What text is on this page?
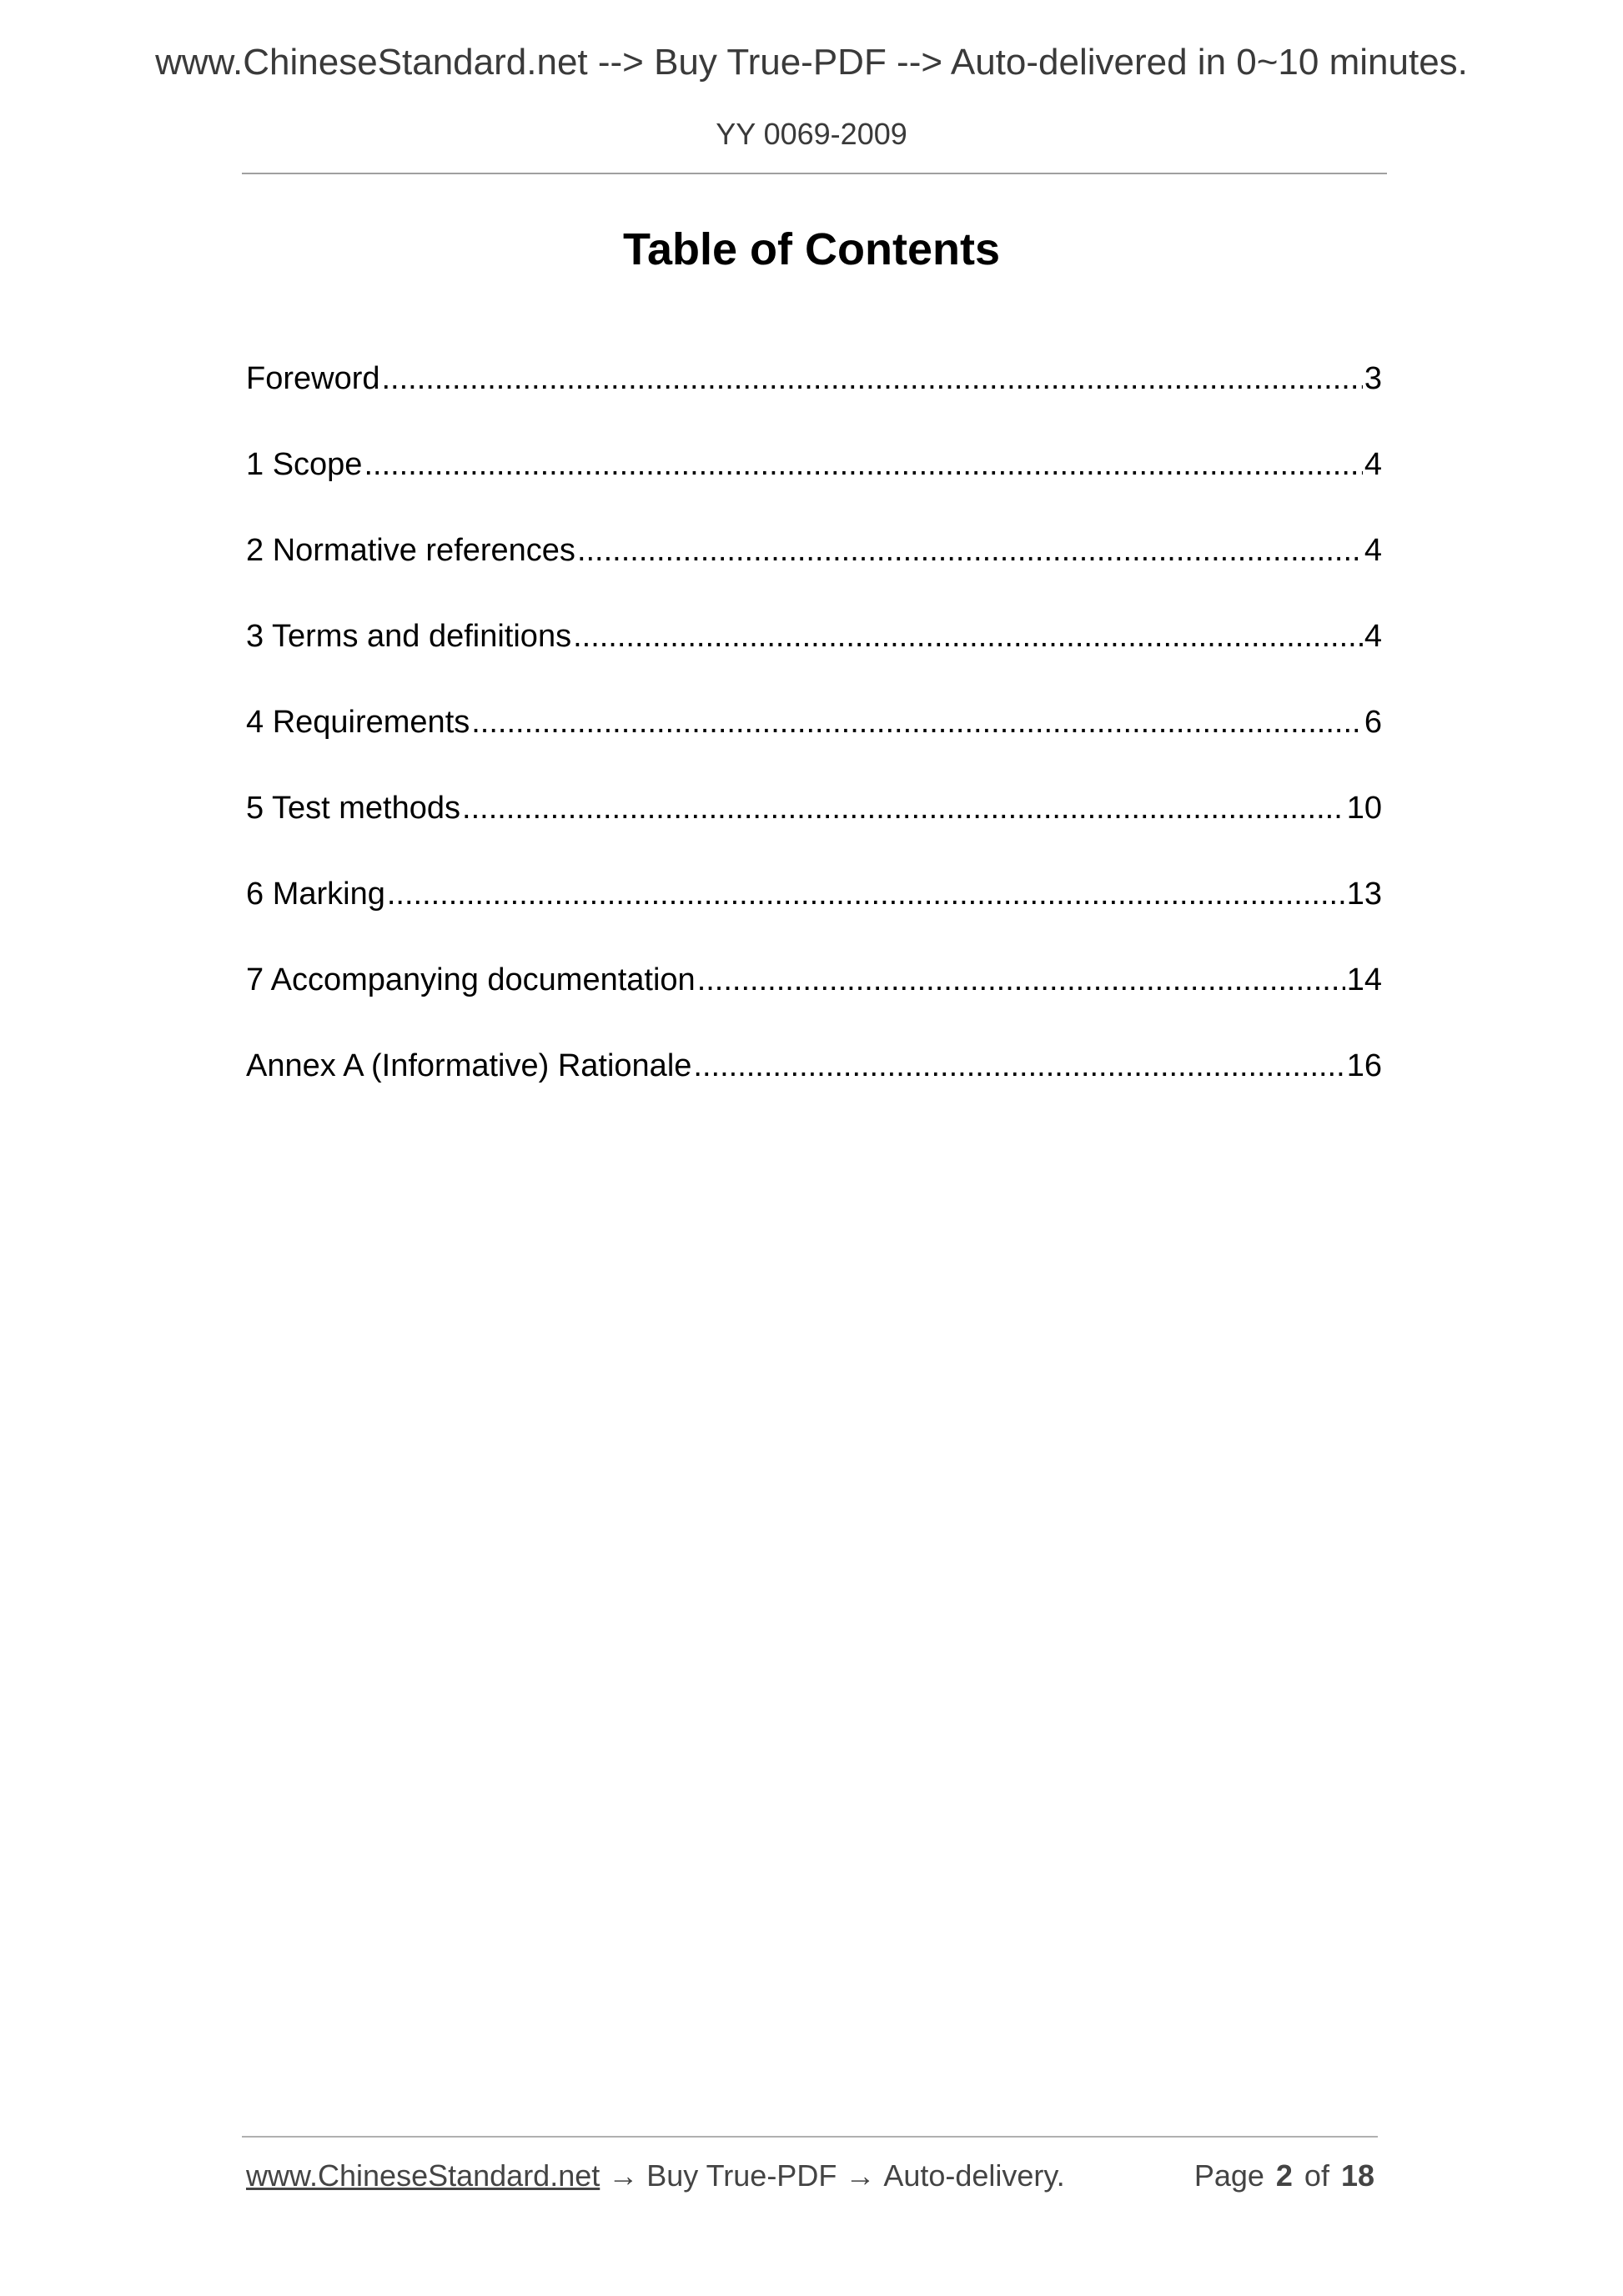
www.ChineseStandard.net --> Buy True-PDF --> Auto-delivered in 0~10 minutes.
YY 0069-2009
Table of Contents
Foreword .....	3
1 Scope .....	4
2 Normative references .....	4
3 Terms and definitions .....	4
4 Requirements .....	6
5 Test methods .....	10
6 Marking .....	13
7 Accompanying documentation .....	14
Annex A (Informative) Rationale .....	16
www.ChineseStandard.net → Buy True-PDF → Auto-delivery.	Page 2 of 18
